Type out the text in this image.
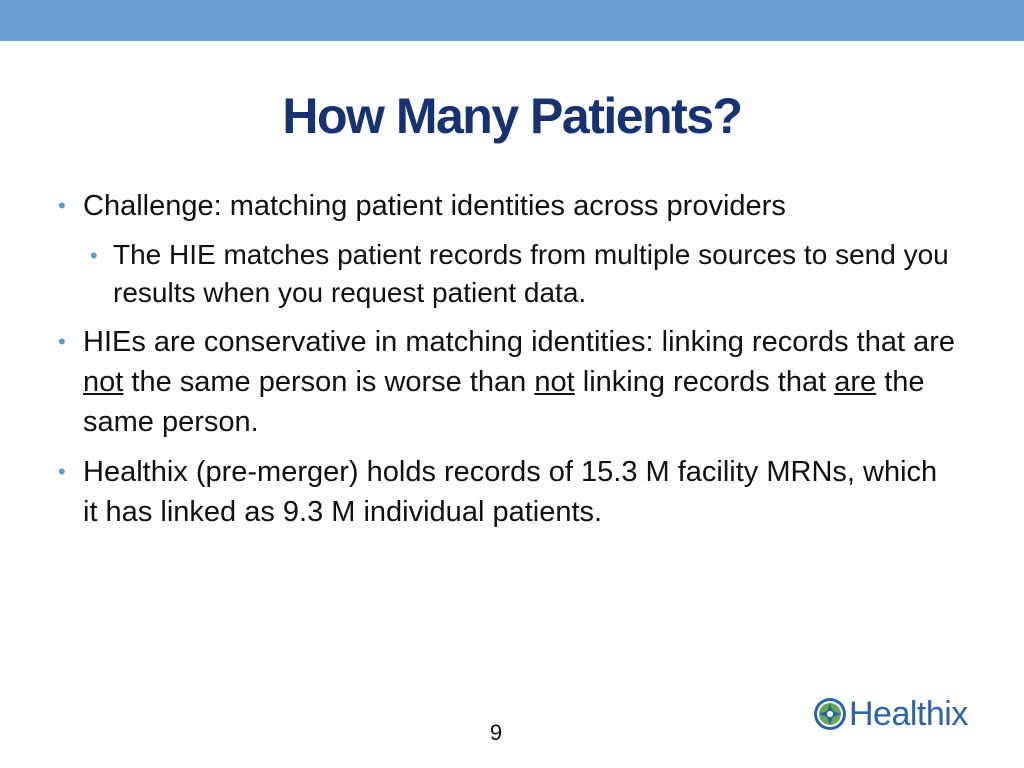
How Many Patients?
• Challenge: matching patient identities across providers
• The HIE matches patient records from multiple sources to send you results when you request patient data.
• HIEs are conservative in matching identities: linking records that are not the same person is worse than not linking records that are the same person.
• Healthix (pre-merger) holds records of 15.3 M facility MRNs, which it has linked as 9.3 M individual patients.
9	Healthix
